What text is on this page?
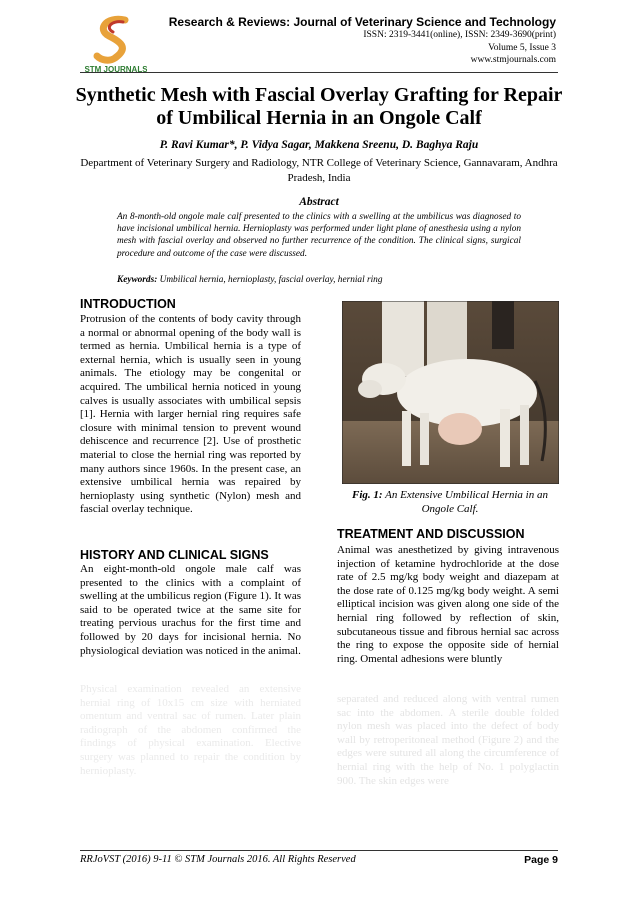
STM JOURNALS
Research & Reviews: Journal of Veterinary Science and Technology
ISSN: 2319-3441(online), ISSN: 2349-3690(print)
Volume 5, Issue 3
www.stmjournals.com
Synthetic Mesh with Fascial Overlay Grafting for Repair of Umbilical Hernia in an Ongole Calf
P. Ravi Kumar*, P. Vidya Sagar, Makkena Sreenu, D. Baghya Raju
Department of Veterinary Surgery and Radiology, NTR College of Veterinary Science, Gannavaram, Andhra Pradesh, India
Abstract
An 8-month-old ongole male calf presented to the clinics with a swelling at the umbilicus was diagnosed to have incisional umbilical hernia. Hernioplasty was performed under light plane of anesthesia using a nylon mesh with fascial overlay and observed no further recurrence of the condition. The clinical signs, surgical procedure and outcome of the case were discussed.
Keywords: Umbilical hernia, hernioplasty, fascial overlay, hernial ring
INTRODUCTION
Protrusion of the contents of body cavity through a normal or abnormal opening of the body wall is termed as hernia. Umbilical hernia is a type of external hernia, which is usually seen in young animals. The etiology may be congenital or acquired. The umbilical hernia noticed in young calves is usually associates with umbilical sepsis [1]. Hernia with larger hernial ring requires safe closure with minimal tension to prevent wound dehiscence and recurrence [2]. Use of prosthetic material to close the hernial ring was reported by many authors since 1960s. In the present case, an extensive umbilical hernia was repaired by hernioplasty using synthetic (Nylon) mesh and fascial overlay technique.
HISTORY AND CLINICAL SIGNS
An eight-month-old ongole male calf was presented to the clinics with a complaint of swelling at the umbilicus region (Figure 1). It was said to be operated twice at the same site for treating pervious urachus for the first time and followed by 20 days for incisional hernia. No physiological deviation was noticed in the animal.
Physical examination revealed an extensive hernial ring of 10x15 cm size with herniated omentum and ventral sac of rumen. Later plain radiograph of the abdomen confirmed the findings of physical examination. Elective surgery was planned to repair the condition by hernioplasty.
Fig. 1: An Extensive Umbilical Hernia in an Ongole Calf.
TREATMENT AND DISCUSSION
Animal was anesthetized by giving intravenous injection of ketamine hydrochloride at the dose rate of 2.5 mg/kg body weight and diazepam at the dose rate of 0.125 mg/kg body weight. A semi elliptical incision was given along one side of the hernial ring followed by reflection of skin, subcutaneous tissue and fibrous hernial sac across the ring to expose the opposite side of hernial ring. Omental adhesions were bluntly
separated and reduced along with ventral rumen sac into the abdomen. A sterile double folded nylon mesh was placed into the defect of body wall by retroperitoneal method (Figure 2) and the edges were sutured all along the circumference of hernial ring with the help of No. 1 polyglactin 900. The skin edges were
RRJoVST (2016) 9-11 © STM Journals 2016. All Rights Reserved	Page 9
